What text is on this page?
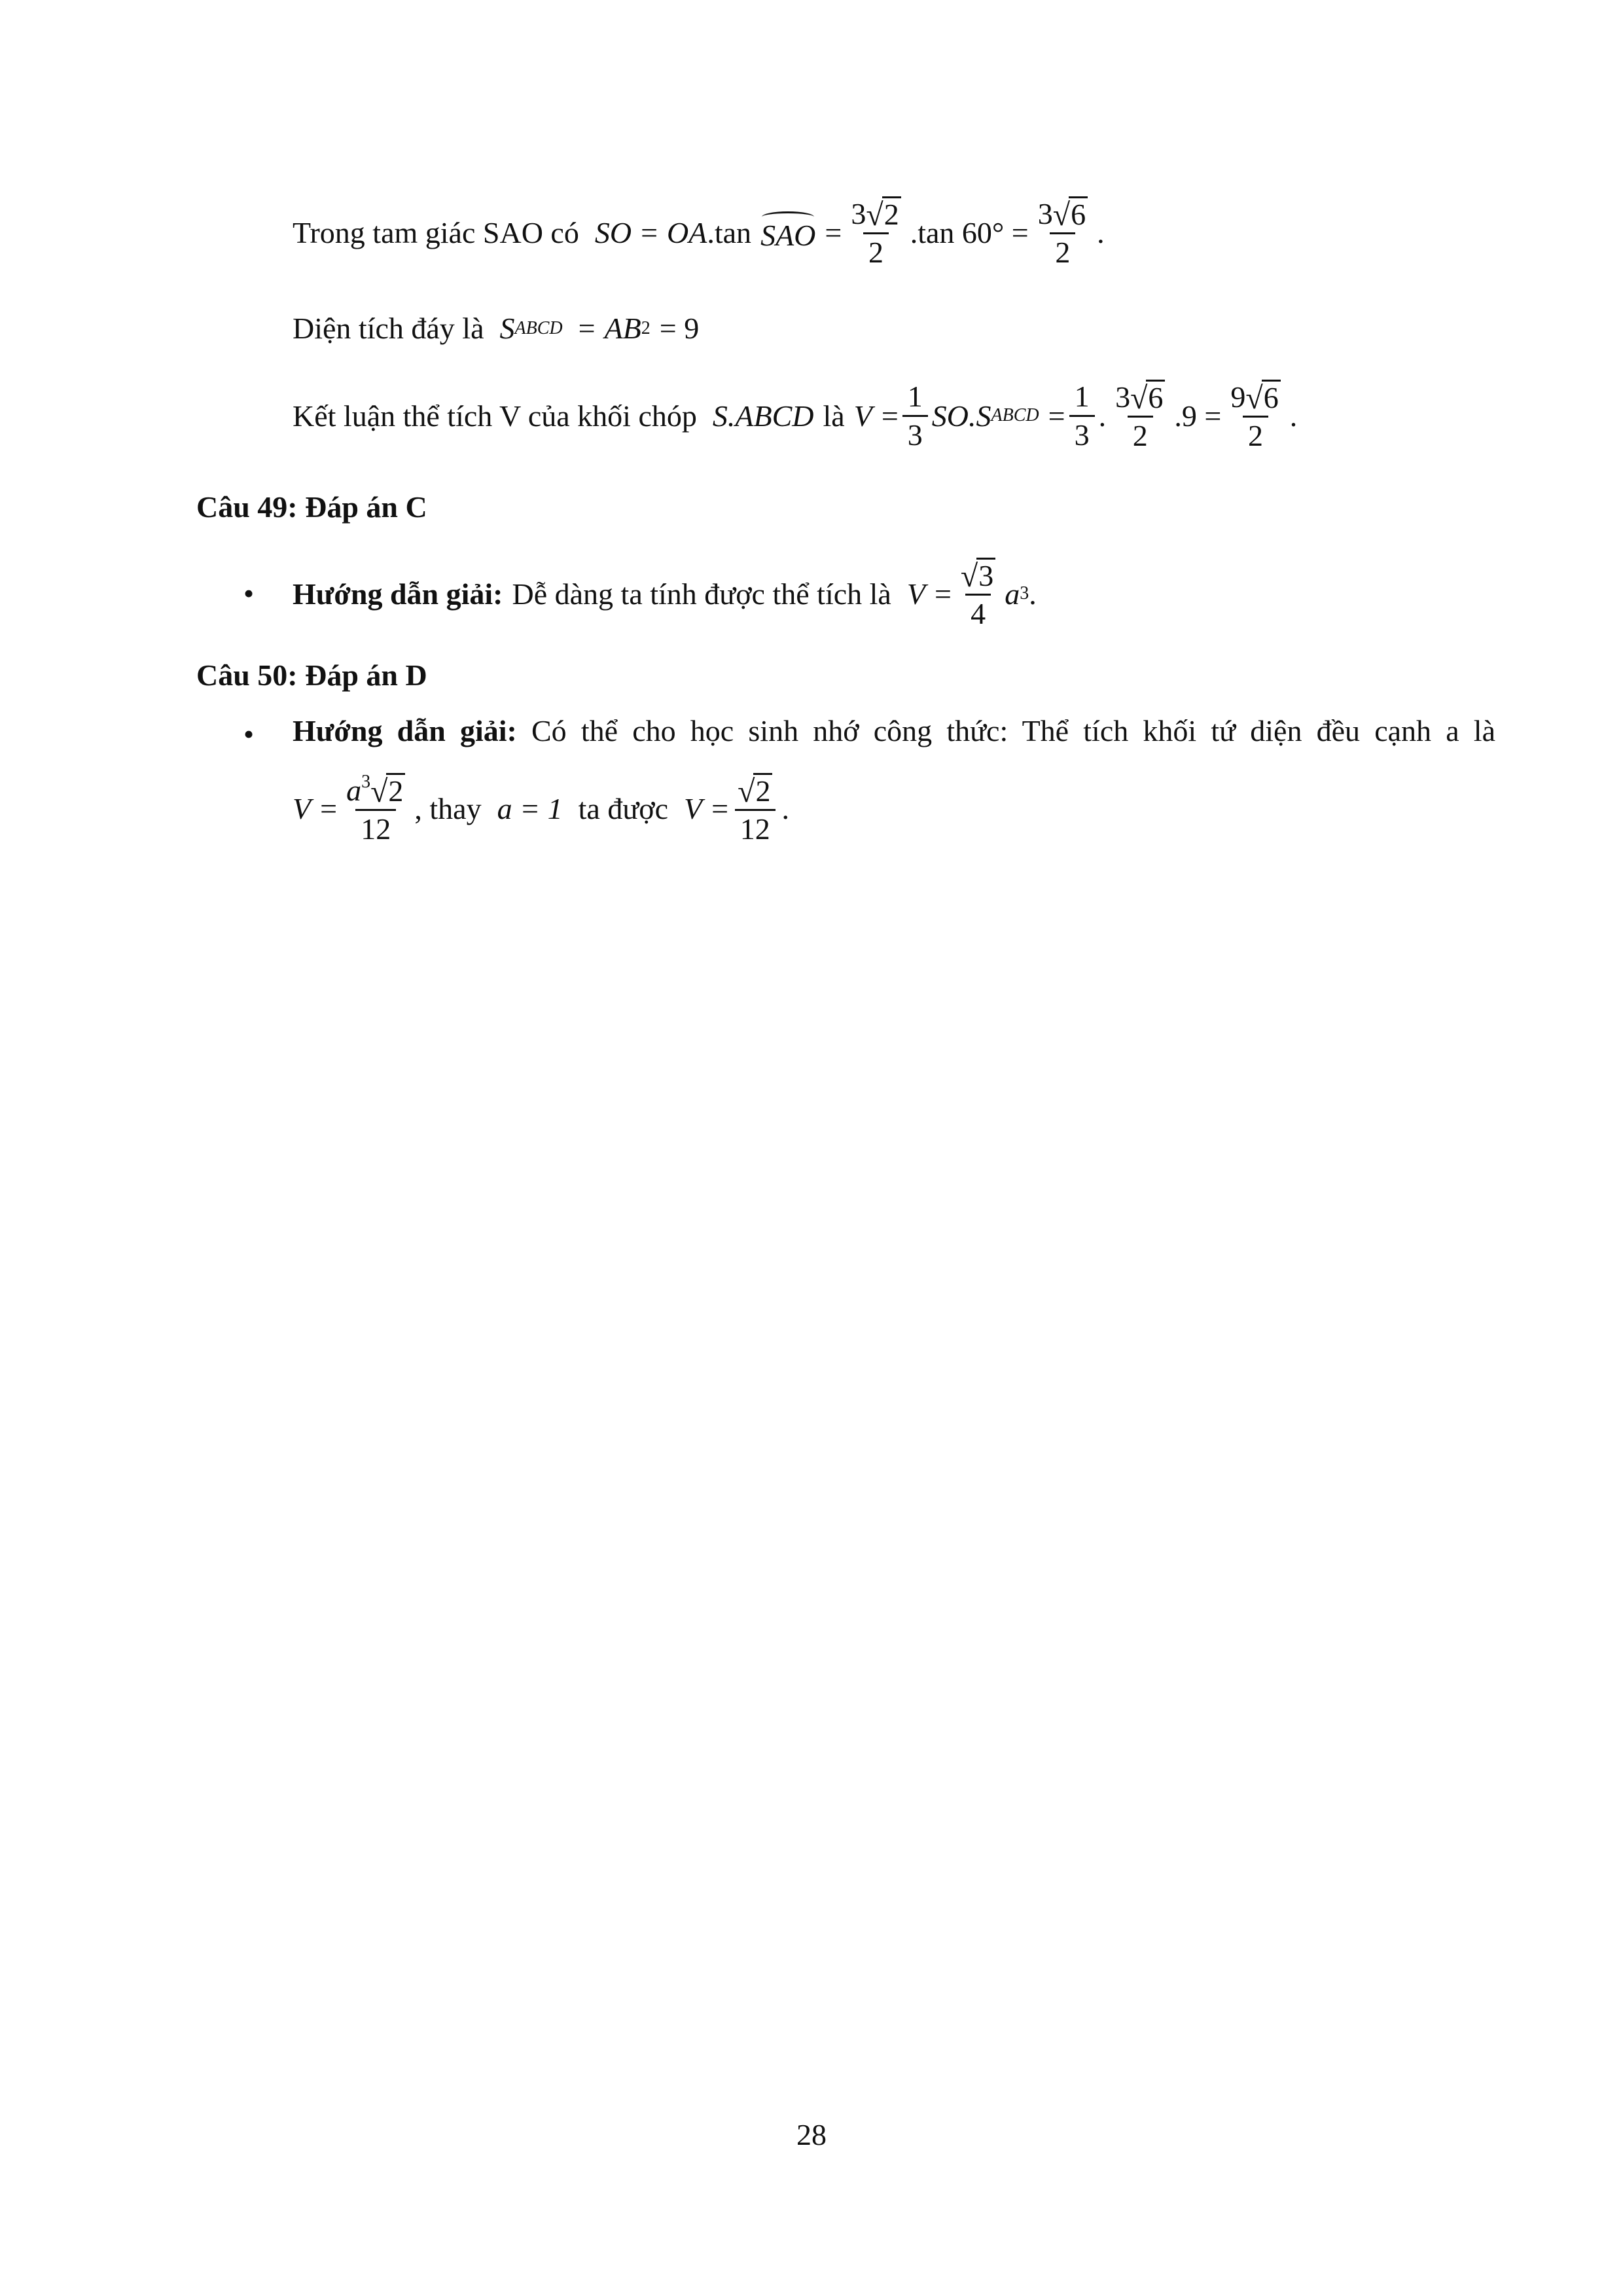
Trong tam giác SAO có SO = OA . tan SAO = $\frac{3 √ 2}{2} .\tan$ $60^\circ = \frac{3 √ 6}{2}$ .
Diện tích đáy là S ABCD = AB 2 = 9
Kết luận thể tích V của khối chóp S.ABCD là $V = \frac{1}{3} SO.S$ ABCD = $\frac{1}{3}$ . $\frac{3 √ 6}{2} .9 = \frac{9 √ 6}{2}$ .
Câu 49: Đáp án C
• Hướng dẫn giải: Dễ dàng ta tính được thể tích là $V = \frac{√ 3}{4}$ a 3 .
Câu 50: Đáp án D
• Hướng dẫn giải: Có thể cho học sinh nhớ công thức: Thể tích khối tứ diện đều cạnh a là
$V = \frac{a^3 √ 2}{12}$ , thay a = 1 ta được $V = \frac{√ 2}{12}$ .
28
